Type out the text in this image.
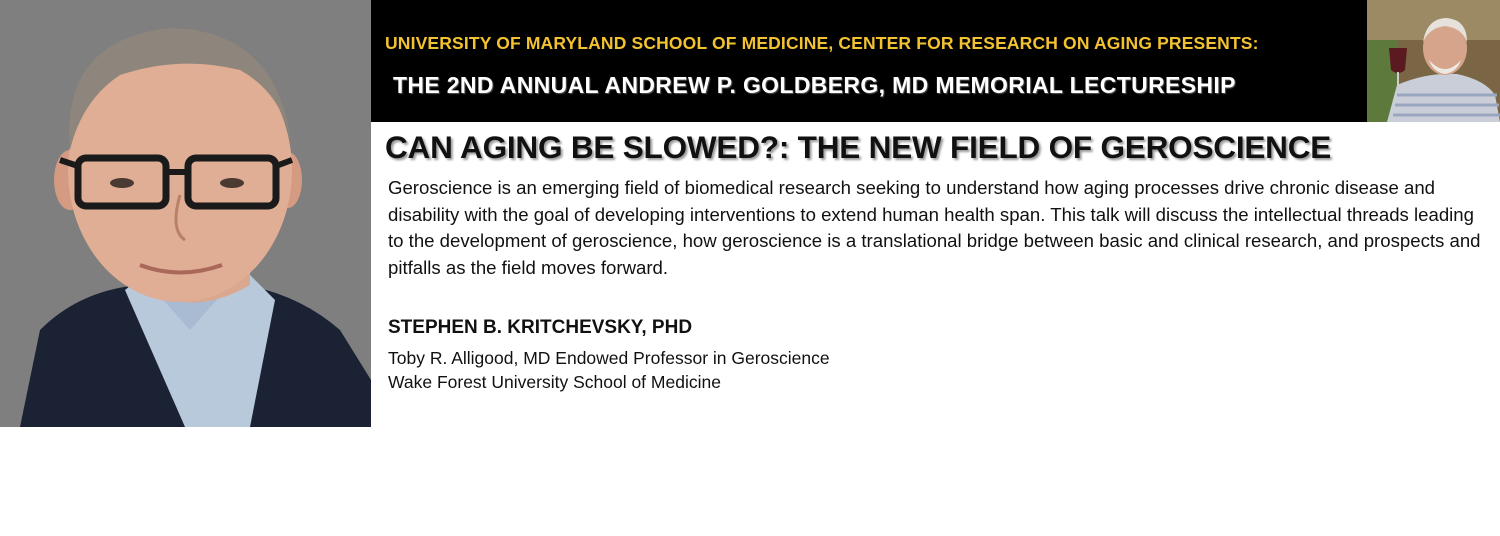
UNIVERSITY OF MARYLAND SCHOOL OF MEDICINE, CENTER FOR RESEARCH ON AGING PRESENTS:
THE 2ND ANNUAL ANDREW P. GOLDBERG, MD MEMORIAL LECTURESHIP
CAN AGING BE SLOWED?: THE NEW FIELD OF GEROSCIENCE
Geroscience is an emerging field of biomedical research seeking to understand how aging processes drive chronic disease and disability with the goal of developing interventions to extend human health span. This talk will discuss the intellectual threads leading to the development of geroscience, how geroscience is a translational bridge between basic and clinical research, and prospects and pitfalls as the field moves forward.
STEPHEN B. KRITCHEVSKY, PHD
Toby R. Alligood, MD Endowed Professor in Geroscience
Wake Forest University School of Medicine
